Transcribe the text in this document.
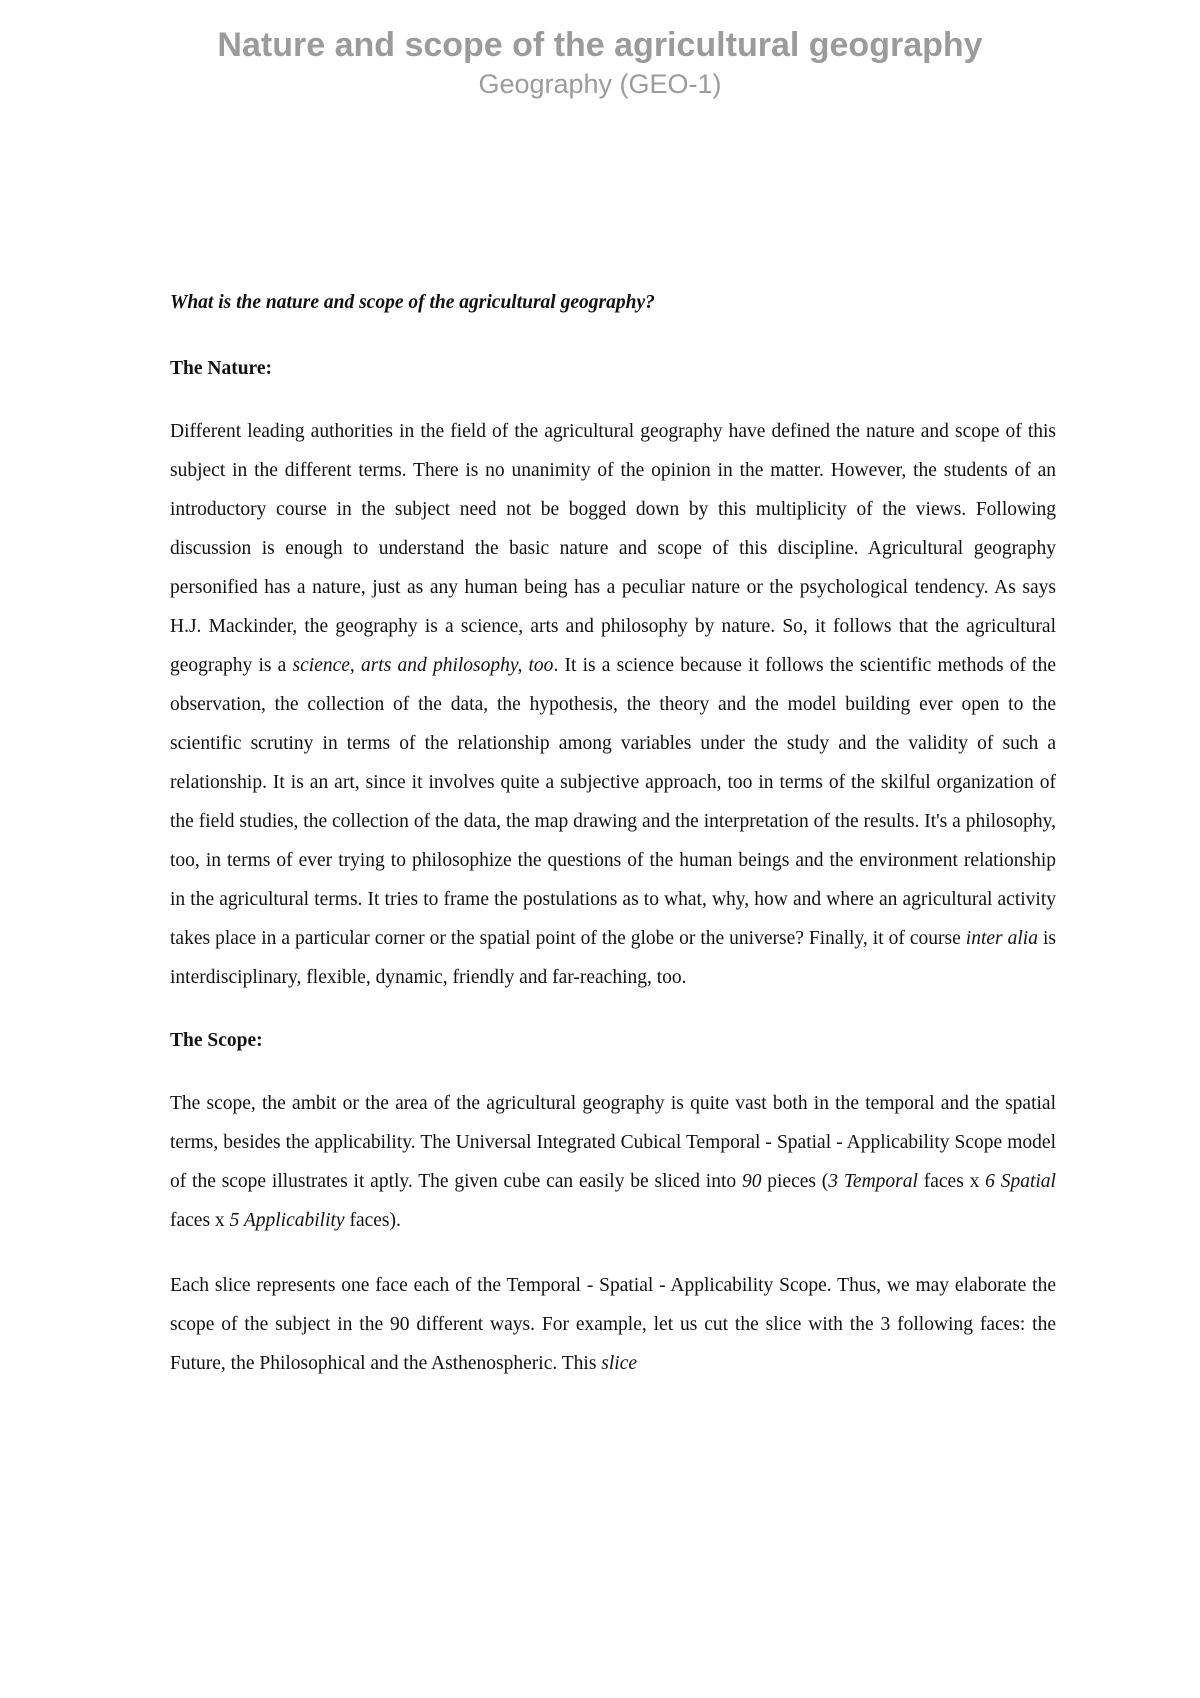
Nature and scope of the agricultural geography

Geography (GEO-1)

What is the nature and scope of the agricultural geography?

The Nature:

Different leading authorities in the field of the agricultural geography have defined the nature and scope of this subject in the different terms. There is no unanimity of the opinion in the matter. However, the students of an introductory course in the subject need not be bogged down by this multiplicity of the views. Following discussion is enough to understand the basic nature and scope of this discipline. Agricultural geography personified has a nature, just as any human being has a peculiar nature or the psychological tendency. As says H.J. Mackinder, the geography is a science, arts and philosophy by nature. So, it follows that the agricultural geography is a science, arts and philosophy, too. It is a science because it follows the scientific methods of the observation, the collection of the data, the hypothesis, the theory and the model building ever open to the scientific scrutiny in terms of the relationship among variables under the study and the validity of such a relationship. It is an art, since it involves quite a subjective approach, too in terms of the skilful organization of the field studies, the collection of the data, the map drawing and the interpretation of the results. It's a philosophy, too, in terms of ever trying to philosophize the questions of the human beings and the environment relationship in the agricultural terms. It tries to frame the postulations as to what, why, how and where an agricultural activity takes place in a particular corner or the spatial point of the globe or the universe? Finally, it of course inter alia is interdisciplinary, flexible, dynamic, friendly and far-reaching, too.

The Scope:

The scope, the ambit or the area of the agricultural geography is quite vast both in the temporal and the spatial terms, besides the applicability. The Universal Integrated Cubical Temporal - Spatial - Applicability Scope model of the scope illustrates it aptly. The given cube can easily be sliced into 90 pieces (3 Temporal faces x 6 Spatial faces x 5 Applicability faces).

Each slice represents one face each of the Temporal - Spatial - Applicability Scope. Thus, we may elaborate the scope of the subject in the 90 different ways. For example, let us cut the slice with the 3 following faces: the Future, the Philosophical and the Asthenospheric. This slice
